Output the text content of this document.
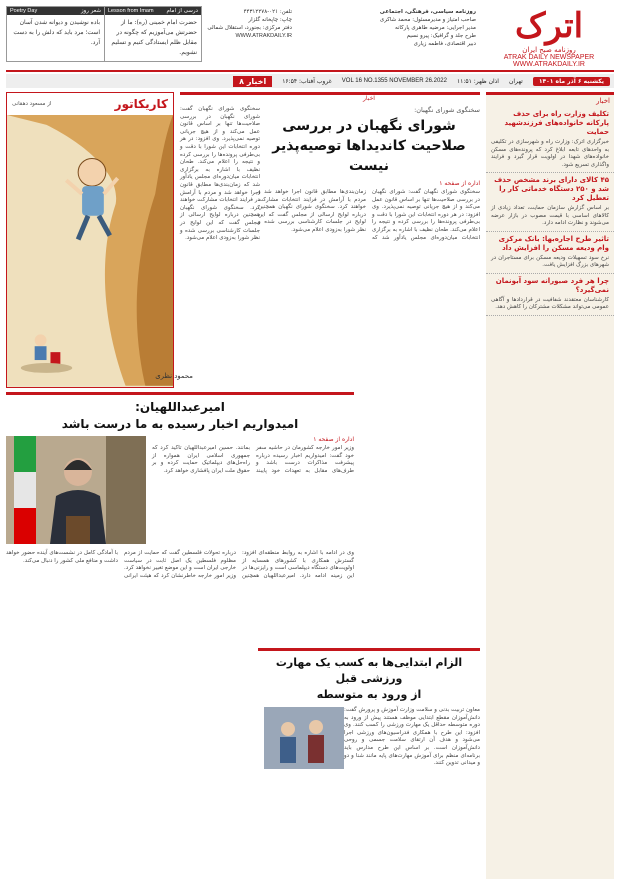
اترک
روزنامه صبح ایران
ATRAK DAILY NEWSPAPER
WWW.ATRAKDAILY.IR
روزنامه سیاسی، فرهنگی، اجتماعی
صاحب امتیاز و مدیرمسئول: محمد شاکری
مدیر اجرایی: مرضیه طاهری پارکانه
طرح جلد و گرافیک: پیرو نسیم
دبیر اقتصادی، فاطمه زیاری
تلفن: ۰۲۱-۴۴۳۱۲۲۷۸
چاپ: چاپخانه گلزار
دفتر مرکزی: بجنورد، استقلال شمالی
WWW.ATRAKDAILY.IR
درسی از امام
Lesson from Imam
حضرت امام خمینی (ره): ما از حضرتش می‌آموزیم که چگونه در مقابل ظلم ایستادگی کنیم و تسلیم نشویم.
شعر روز
Poetry Day
باده نوشیدن و دیوانه شدن آسان است؛ مرد باید که دلش را به دست آرد.
یکشنبه ۶ آذر ماه ۱۴۰۱
تهران
اذان ظهر: ۱۱:۵۱
VOL 16 NO.1355 NOVEMBER 26.2022
غروب آفتاب: ۱۶:۵۴
اخبار ۸
اخبار
تکلیف وزارت راه برای حذف پارکانه خانواده‌های فرزندشهید حمایت

خبرگزاری اترک: وزارت راه و شهرسازی در تکلیفی به واحدهای تابعه ابلاغ کرد که پرونده‌های مسکن خانواده‌های شهدا در اولویت قرار گیرد و فرایند واگذاری تسریع شود.

۴۵ کالای دارای برند مشخص حذف شد و ۲۵۰ دستگاه خدماتی کار را تعطیل کرد

بر اساس گزارش سازمان حمایت، تعداد زیادی از کالاهای اساسی با قیمت مصوب در بازار عرضه می‌شوند و نظارت ادامه دارد.

تاثیر طرح اجاره‌بها: بانک مرکزی وام ودیعه مسکن را افزایش داد

نرخ سود تسهیلات ودیعه مسکن برای مستاجران در شهرهای بزرگ افزایش یافت.

چرا هر فرد صبورانه سود آبونمان نمی‌گیرد؟

کارشناسان معتقدند شفافیت در قراردادها و آگاهی عمومی می‌تواند مشکلات مشترکان را کاهش دهد.

اخبار
سخنگوی شورای نگهبان:
شورای نگهبان در بررسی صلاحیت کاندیداها توصیه‌پذیر نیست
اداره از صفحه ۱
سخنگوی شورای نگهبان گفت: شورای نگهبان در بررسی صلاحیت‌ها تنها بر اساس قانون عمل می‌کند و از هیچ جریانی توصیه نمی‌پذیرد. وی افزود: در هر دوره انتخابات این شورا با دقت و بی‌طرفی پرونده‌ها را بررسی کرده و نتیجه را اعلام می‌کند. طحان نظیف با اشاره به برگزاری انتخابات میان‌دوره‌ای مجلس یادآور شد که زمان‌بندی‌ها مطابق قانون اجرا خواهد شد و مردم با آرامش در فرایند انتخابات مشارکت خواهند کرد. سخنگوی شورای نگهبان همچنین درباره لوایح ارسالی از مجلس گفت که این لوایح در جلسات کارشناسی بررسی شده و نظر شورا به‌زودی اعلام می‌شود.
کاریکاتور
از مسعود دهقانی
محمود نظری
سخنگوی شورای نگهبان گفت: شورای نگهبان در بررسی صلاحیت‌ها تنها بر اساس قانون عمل می‌کند و از هیچ جریانی توصیه نمی‌پذیرد. وی افزود: در هر دوره انتخابات این شورا با دقت و بی‌طرفی پرونده‌ها را بررسی کرده و نتیجه را اعلام می‌کند. طحان نظیف با اشاره به برگزاری انتخابات میان‌دوره‌ای مجلس یادآور شد که زمان‌بندی‌ها مطابق قانون اجرا خواهد شد و مردم با آرامش در فرایند انتخابات مشارکت خواهند کرد. سخنگوی شورای نگهبان همچنین درباره لوایح ارسالی از مجلس گفت که این لوایح در جلسات کارشناسی بررسی شده و نظر شورا به‌زودی اعلام می‌شود.
امیرعبداللهیان:
امیدواریم اخبار رسیده به ما درست باشد
اداره از صفحه ۱
وزیر امور خارجه کشورمان در حاشیه سفر خود گفت: امیدواریم اخبار رسیده درباره پیشرفت مذاکرات درست باشد و طرف‌های مقابل به تعهدات خود پایبند بمانند. حسین امیرعبداللهیان تاکید کرد که جمهوری اسلامی ایران همواره از راه‌حل‌های دیپلماتیک حمایت کرده و بر حقوق ملت ایران پافشاری خواهد کرد.
وی در ادامه با اشاره به روابط منطقه‌ای افزود: گسترش همکاری با کشورهای همسایه از اولویت‌های دستگاه دیپلماسی است و رایزنی‌ها در این زمینه ادامه دارد. امیرعبداللهیان همچنین درباره تحولات فلسطین گفت که حمایت از مردم مظلوم فلسطین یک اصل ثابت در سیاست خارجی ایران است و این موضع تغییر نخواهد کرد. وزیر امور خارجه خاطرنشان کرد که هیئت ایرانی با آمادگی کامل در نشست‌های آینده حضور خواهد داشت و منافع ملی کشور را دنبال می‌کند.
الزام ابتدایی‌ها به کسب یک مهارت ورزشی قبل
از ورود به متوسطه
معاون تربیت بدنی و سلامت وزارت آموزش و پرورش گفت: دانش‌آموزان مقطع ابتدایی موظف هستند پیش از ورود به دوره متوسطه حداقل یک مهارت ورزشی را کسب کنند. وی افزود: این طرح با همکاری فدراسیون‌های ورزشی اجرا می‌شود و هدف آن ارتقای سلامت جسمی و روحی دانش‌آموزان است. بر اساس این طرح مدارس باید برنامه‌ای منظم برای آموزش مهارت‌های پایه مانند شنا و دو و میدانی تدوین کنند.
